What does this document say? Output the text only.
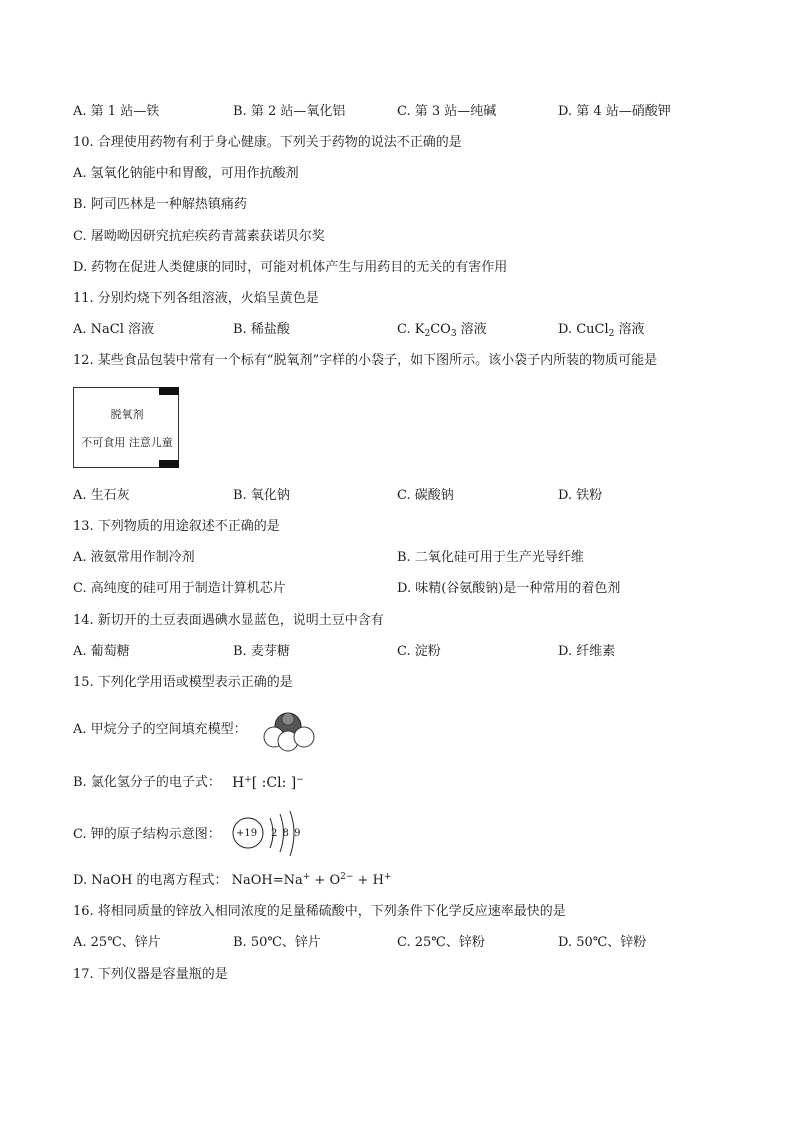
A. 第 1 站—铁	B. 第 2 站—氧化铝	C. 第 3 站—纯碱	D. 第 4 站—硝酸钾
10. 合理使用药物有利于身心健康。下列关于药物的说法不正确的是
A. 氢氧化钠能中和胃酸，可用作抗酸剂
B. 阿司匹林是一种解热镇痛药
C. 屠呦呦因研究抗疟疾药青蒿素获诺贝尔奖
D. 药物在促进人类健康的同时，可能对机体产生与用药目的无关的有害作用
11. 分别灼烧下列各组溶液，火焰呈黄色是
A. NaCl 溶液	B. 稀盐酸	C. $K_2CO_3$ 溶液	D. CuCl$_2$ 溶液
12. 某些食品包装中常有一个标有“脱氧剂”字样的小袋子，如下图所示。该小袋子内所装的物质可能是
脱氧剂
不可食用 注意儿童
A. 生石灰	B. 氧化钠	C. 碳酸钠	D. 铁粉
13. 下列物质的用途叙述不正确的是
A. 液氨常用作制冷剂	B. 二氧化硅可用于生产光导纤维
C. 高纯度的硅可用于制造计算机芯片	D. 味精(谷氨酸钠)是一种常用的着色剂
14. 新切开的土豆表面遇碘水显蓝色，说明土豆中含有
A. 葡萄糖	B. 麦芽糖	C. 淀粉	D. 纤维素
15. 下列化学用语或模型表示正确的是
A. 甲烷分子的空间填充模型：
B. 氯化氢分子的电子式： H+[ :Cl: ]−
C. 钾的原子结构示意图： +19 2 8 9
D. NaOH 的电离方程式： NaOH=Na+ + $O^{2-} + H^+$
16. 将相同质量的锌放入相同浓度的足量稀硫酸中，下列条件下化学反应速率最快的是
A. 25℃、锌片	B. 50℃、锌片	C. 25℃、锌粉	D. 50℃、锌粉
17. 下列仪器是容量瓶的是
